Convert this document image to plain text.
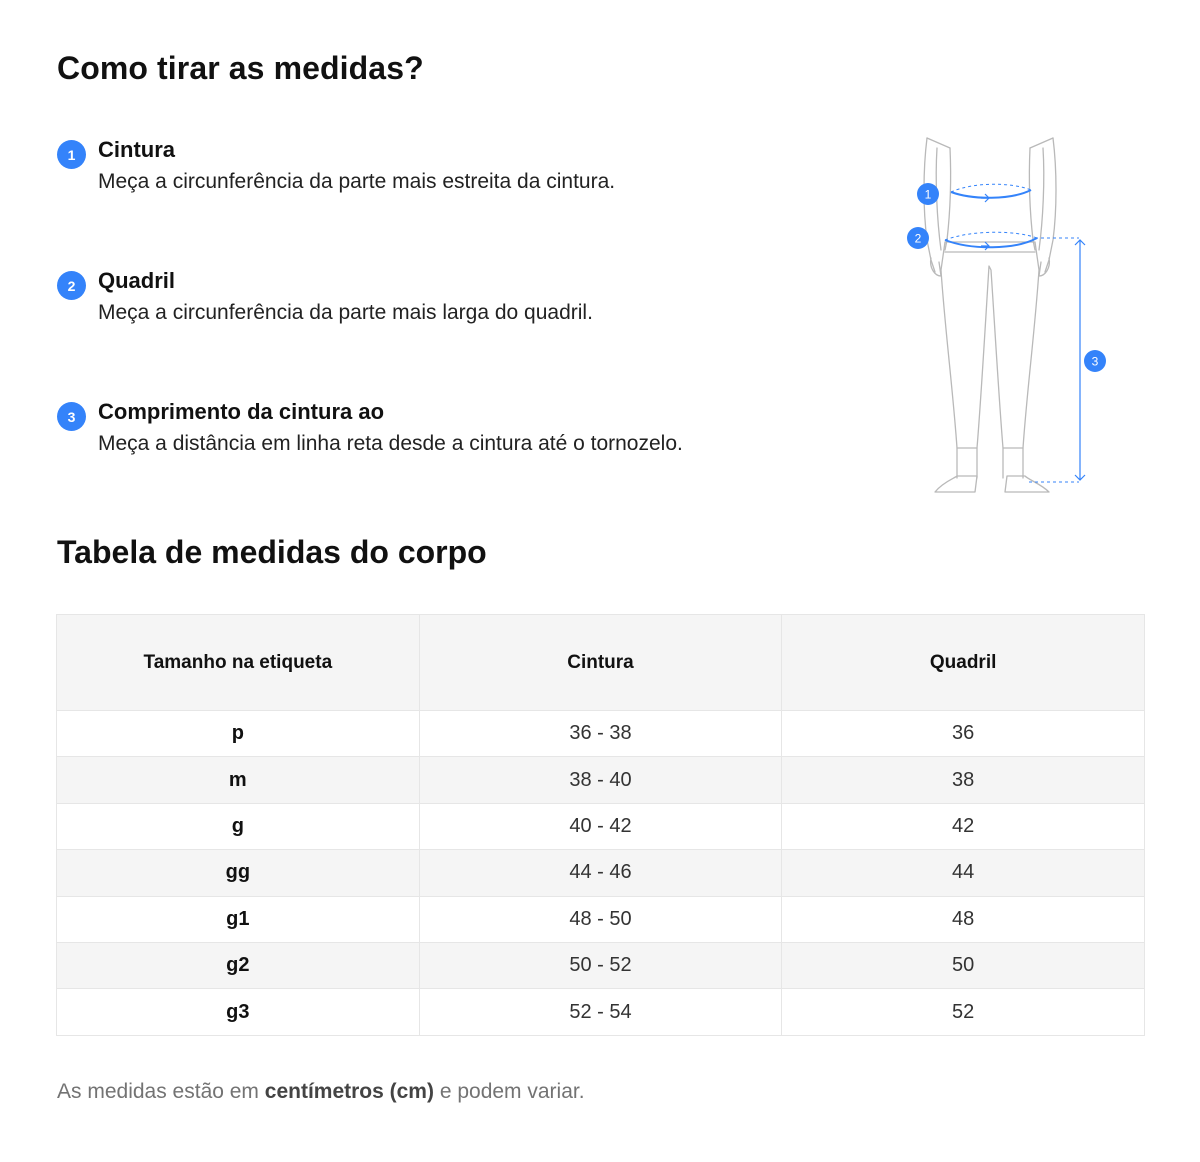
Como tirar as medidas?
1	Cintura
Meça a circunferência da parte mais estreita da cintura.
2	Quadril
Meça a circunferência da parte mais larga do quadril.
3	Comprimento da cintura ao
Meça a distância em linha reta desde a cintura até o tornozelo.
1
2
3
Tabela de medidas do corpo
Tamanho na etiqueta	Cintura	Quadril
p	36 - 38	36
m	38 - 40	38
g	40 - 42	42
gg	44 - 46	44
g1	48 - 50	48
g2	50 - 52	50
g3	52 - 54	52

As medidas estão em centímetros (cm) e podem variar.
